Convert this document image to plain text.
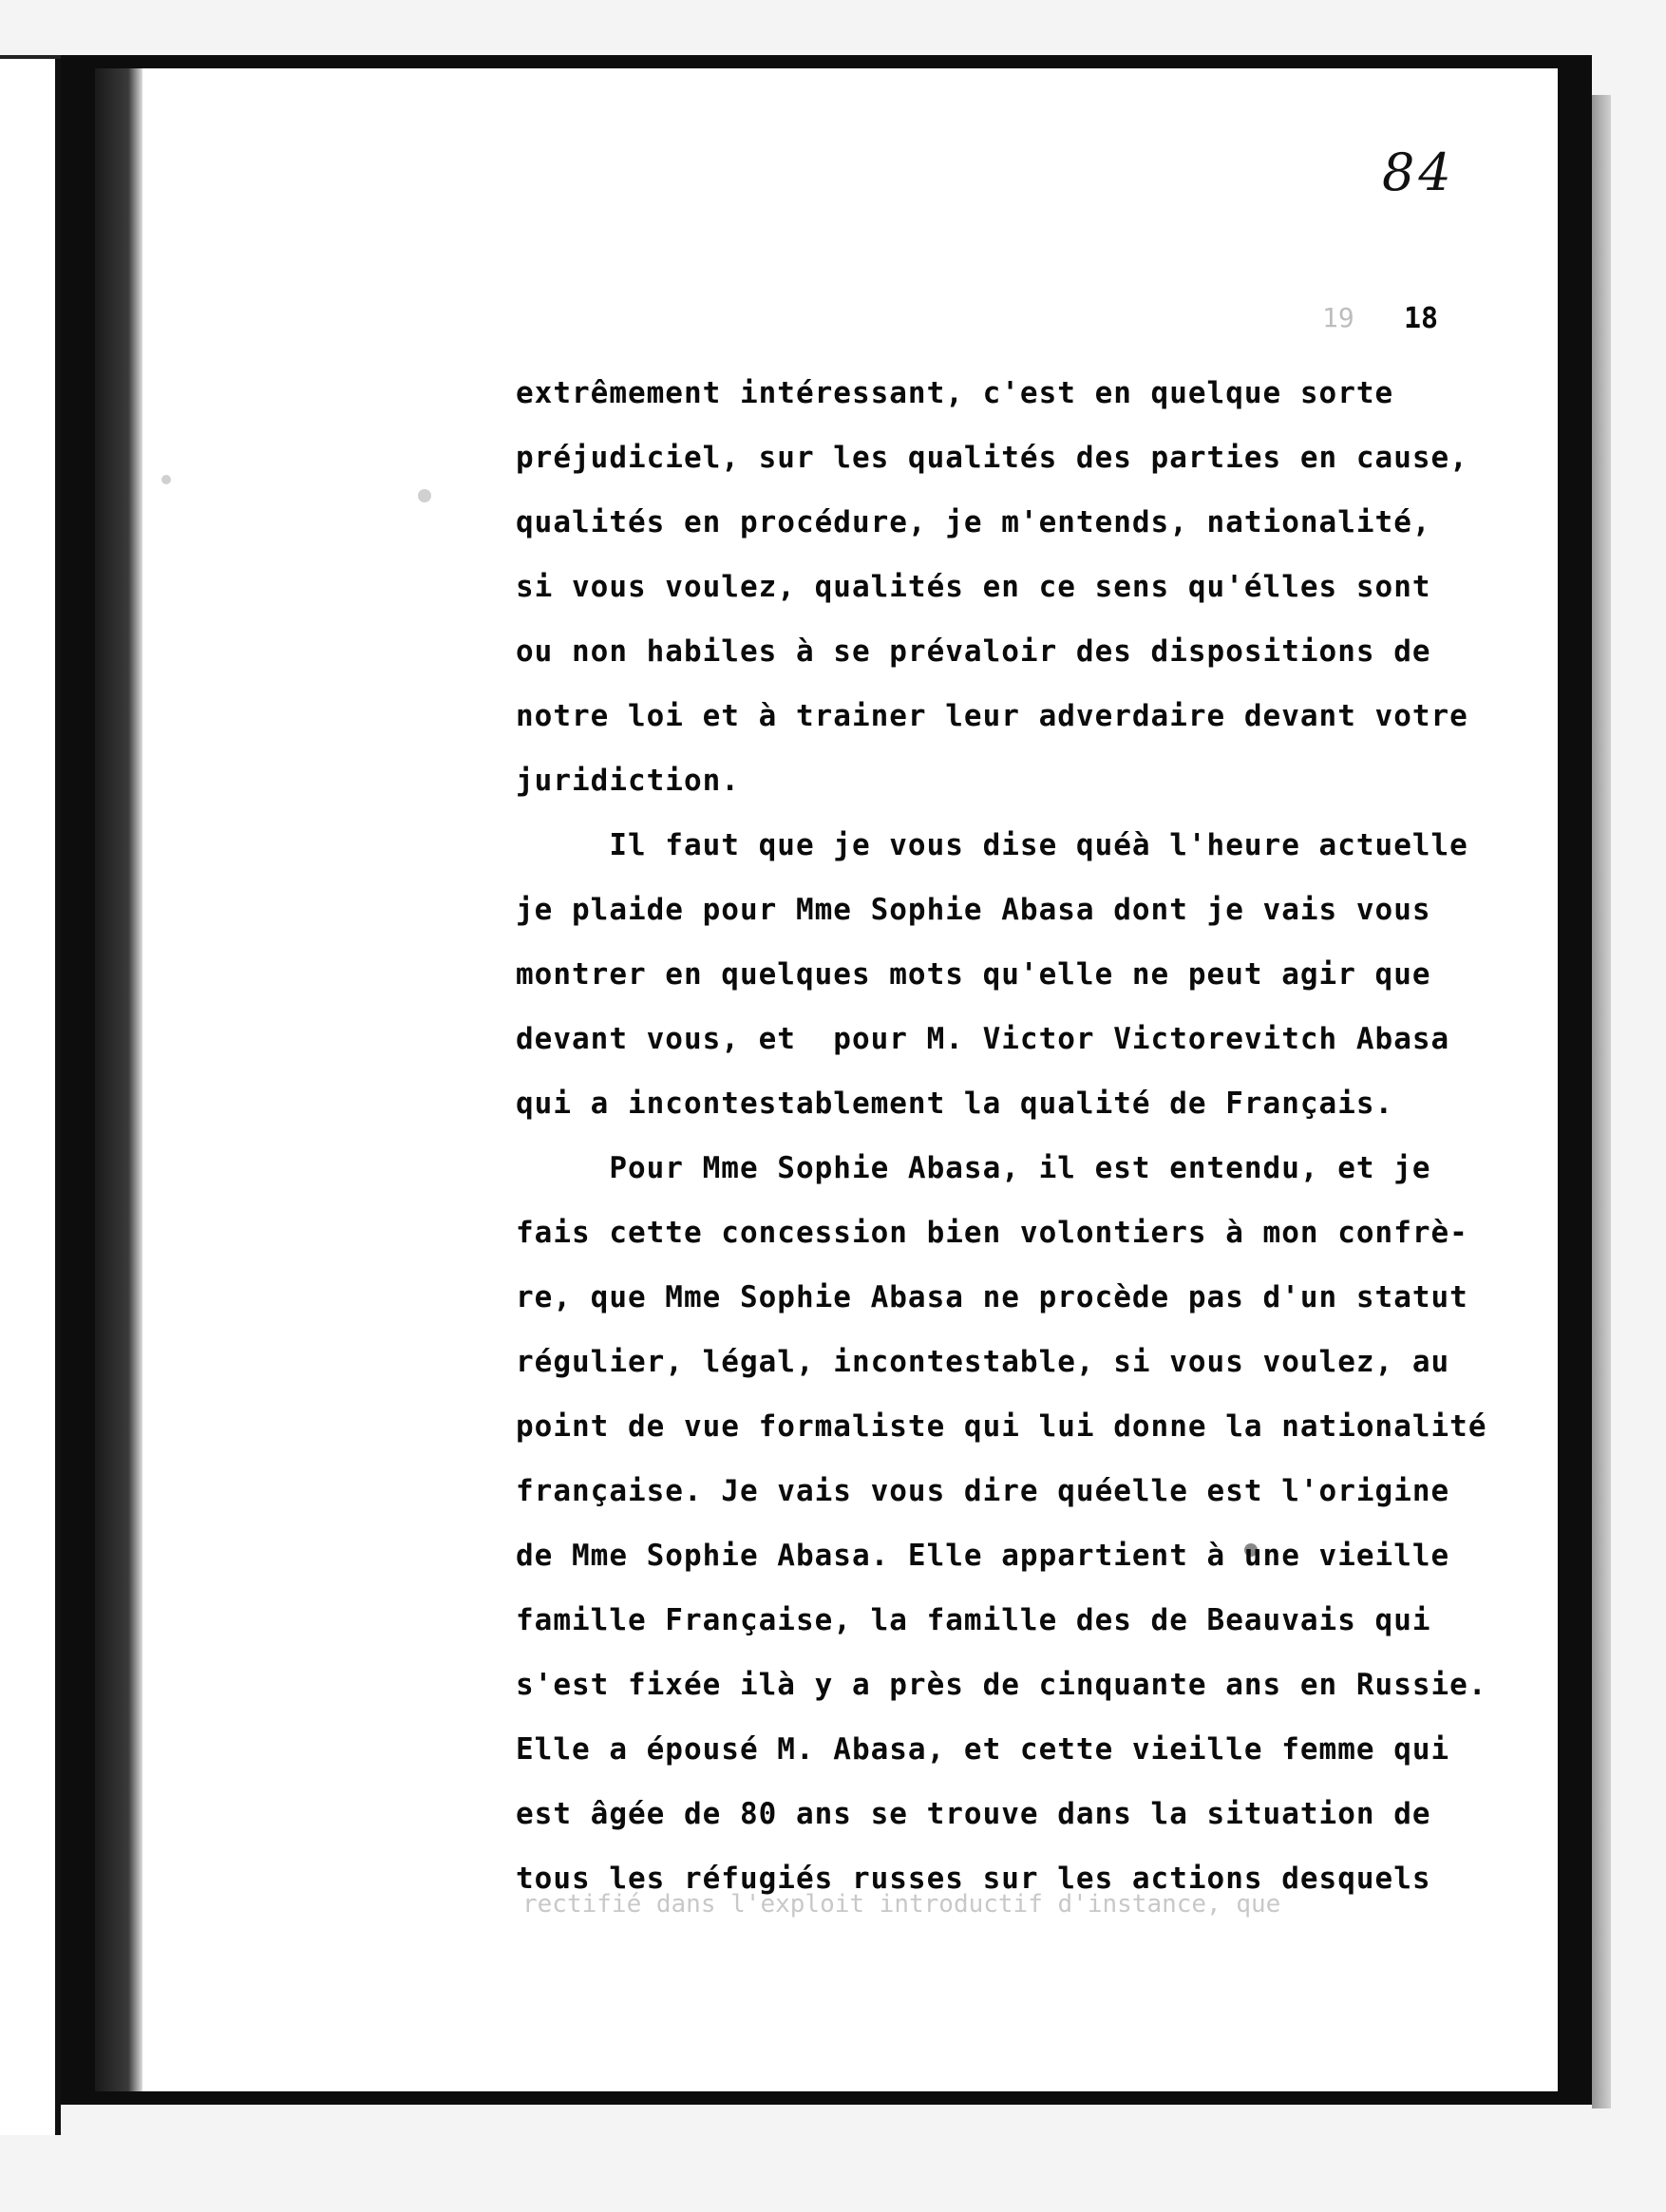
84
19 18
extrêmement intéressant, c'est en quelque sorte
préjudiciel, sur les qualités des parties en cause,
qualités en procédure, je m'entends, nationalité,
si vous voulez, qualités en ce sens qu'élles sont
ou non habiles à se prévaloir des dispositions de
notre loi et à trainer leur adverdaire devant votre
juridiction.
Il faut que je vous dise quéà l'heure actuelle
je plaide pour Mme Sophie Abasa dont je vais vous
montrer en quelques mots qu'elle ne peut agir que
devant vous, et  pour M. Victor Victorevitch Abasa
qui a incontestablement la qualité de Français.
Pour Mme Sophie Abasa, il est entendu, et je
fais cette concession bien volontiers à mon confrè-
re, que Mme Sophie Abasa ne procède pas d'un statut
régulier, légal, incontestable, si vous voulez, au
point de vue formaliste qui lui donne la nationalité
française. Je vais vous dire quéelle est l'origine
de Mme Sophie Abasa. Elle appartient à une vieille
famille Française, la famille des de Beauvais qui
s'est fixée ilà y a près de cinquante ans en Russie.
Elle a épousé M. Abasa, et cette vieille femme qui
est âgée de 80 ans se trouve dans la situation de
tous les réfugiés russes sur les actions desquels
rectifié dans l'exploit introductif d'instance, que
